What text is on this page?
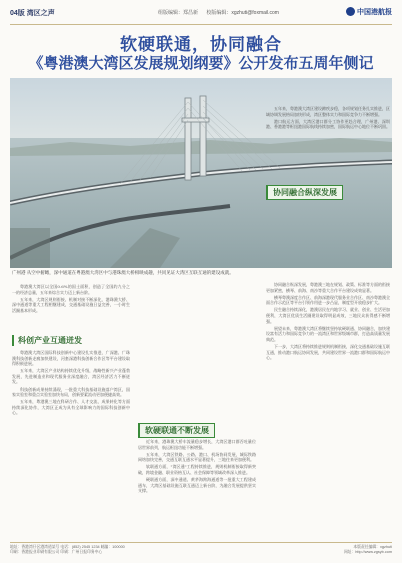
04版 湾区之声	组版编辑：郑昌新 校版编辑：xgzhuti@foxmail.com	中国港航报
软硬联通，协同融合
《粤港澳大湾区发展规划纲要》公开发布五周年侧记
广州港 从空中俯瞰，深中通道在粤港澳大湾区中与港珠澳大桥相映成趣，共同见证大湾区互联互通的建设成就。

粤港澳大湾区以全国0.6%的国土面积，创造了全国约九分之一的经济总量，五年来综合实力迈上新台阶。

五年来，大湾区规则衔接、机制对接不断深化，港珠澳大桥、深中通道等重大工程相继建成，交通基础设施日益完善，一小时生活圈基本形成。

科创产业互通迸发

粤港澳大湾区国际科技创新中心建设扎实推进，广深港、广珠澳科技创新走廊加快建设，河套深港科技创新合作区等平台建设取得积极进展。

五年来，大湾区产业结构持续优化升级，战略性新兴产业蓬勃发展，先进制造业和现代服务业深度融合，湾区经济活力不断迸发。

科技创新成果持续涌现，一批重大科技基础设施落户湾区，国家实验室和重点实验室加快布局，创新要素流动更加便捷高效。

五年来，粤港澳三地在科研合作、人才交流、成果转化等方面持续深化协作，大湾区正成为具有全球影响力的国际科技创新中心。

软硬联通不断发展

近年来，港珠澳大桥车流量稳步增长，大湾区港口群吞吐量位居世界前列，航运枢纽功能不断增强。

五年来，大湾区铁路、公路、港口、机场协同发展，城际铁路网络加快完善，交通互联互通水平显著提升，三地往来更加便利。

软联通方面，"湾区通"工程持续推进，规则机制衔接取得新突破，跨境金融、职业资格互认、社会保障等领域改革深入推进。

硬联通方面，深中通道、黄茅海跨海通道等一批重大工程建成通车，大湾区基础设施互联互通迈上新台阶，为融合发展提供坚实支撑。

五年来，粤港澳大湾区建设蹄疾步稳，各项规划任务扎实推进，区域协调发展格局加快形成，湾区整体实力和国际竞争力不断增强。

港口航运方面，大湾区港口群分工协作更趋合理，广州港、深圳港、香港港等枢纽港国际航线持续加密，国际航运中心地位不断巩固。

协同融合纵深发展

协同融合纵深发展，粤港澳三地在规划、政策、标准等方面的衔接更加紧密，横琴、前海、南沙等重大合作平台建设成效显著。

横琴粤澳深度合作区、前海深港现代服务业合作区、南沙粤港澳全面合作示范区等平台引领作用进一步凸显，制度型开放稳步扩大。

民生融合持续深化，港澳居民在内地学习、就业、创业、生活更加便利，大湾区优质生活圈建设取得明显成效，三地民众获得感不断增强。

展望未来，粤港澳大湾区将继续坚持软硬联通、协同融合，加快建设富有活力和国际竞争力的一流湾区和世界级城市群，打造高质量发展典范。

下一步，大湾区将持续推进规则机制衔接，深化交通基础设施互联互通，推动港口航运协同发展，共同建设世界一流港口群和国际航运中心。

地址：香港湾仔区港湾道某号 电话：(852) 2545 1234 邮编：100000
印刷：香港报业印刷有限公司 印刷：广州日报印务中心
本版责任编辑：xgzhuti
网址：http://www.zgsyb.com
